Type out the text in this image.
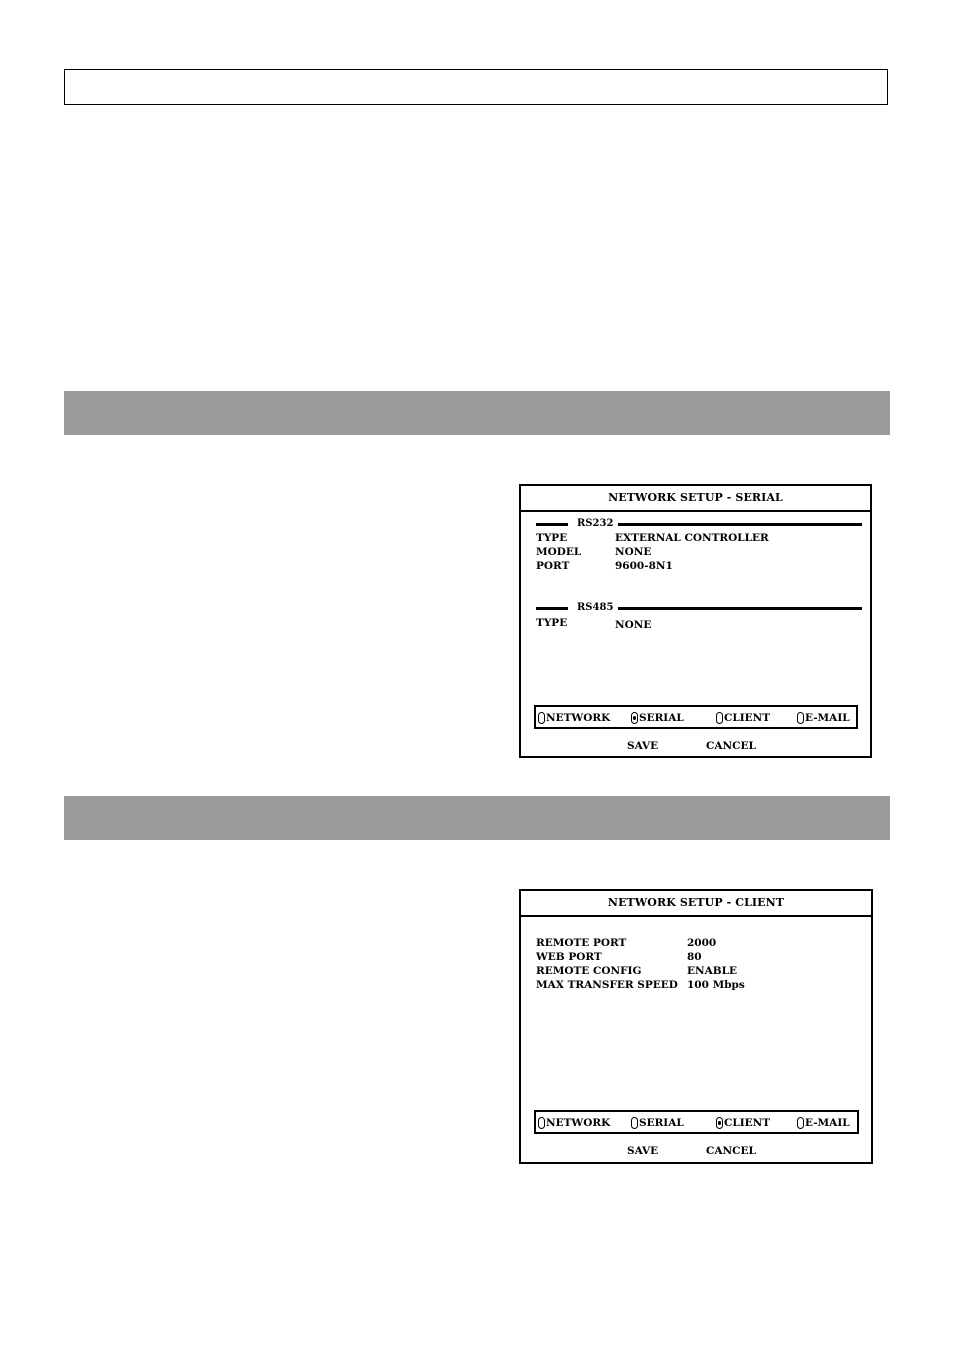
NETWORK SETUP - SERIAL
RS232
TYPE	EXTERNAL CONTROLLER
MODEL	NONE
PORT	9600-8N1
RS485
TYPE	NONE
NETWORK	SERIAL	CLIENT	E-MAIL
SAVE	CANCEL
NETWORK SETUP - CLIENT
REMOTE PORT	2000
WEB PORT	80
REMOTE CONFIG	ENABLE
MAX TRANSFER SPEED 100 Mbps
NETWORK	SERIAL	CLIENT	E-MAIL
SAVE	CANCEL
